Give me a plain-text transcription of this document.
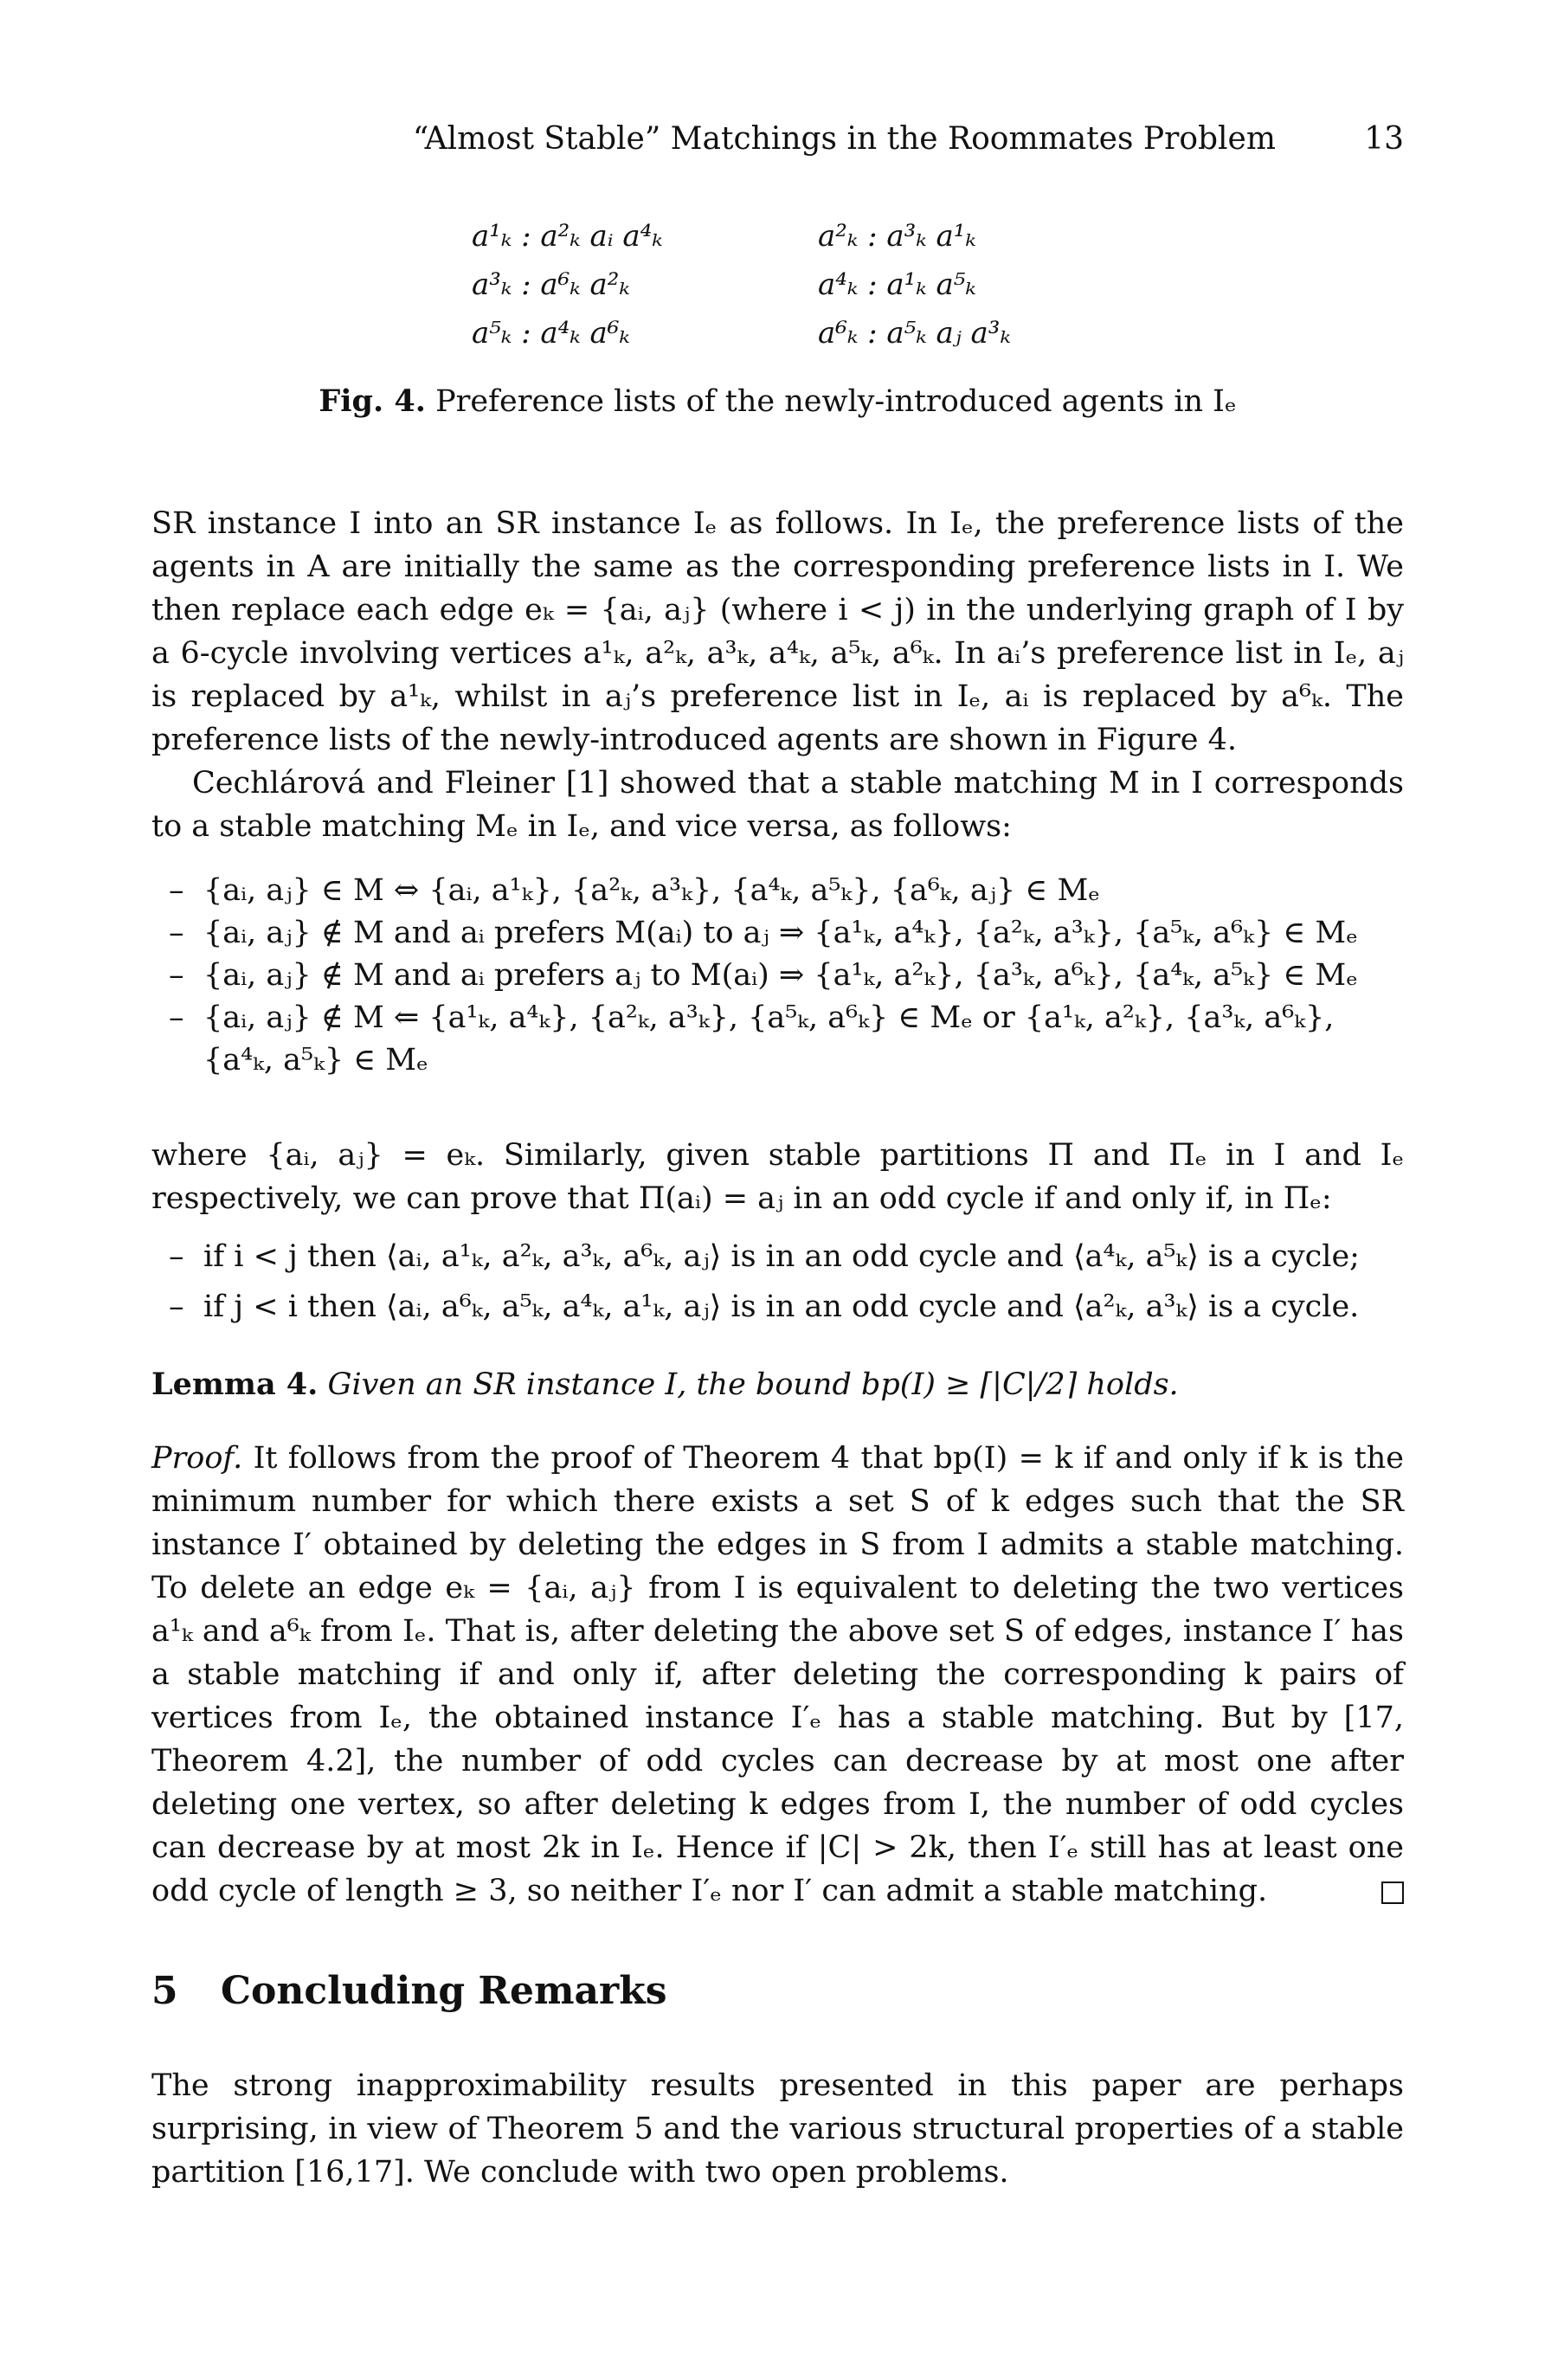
“Almost Stable” Matchings in the Roommates Problem	13
a¹ₖ : a²ₖ aᵢ a⁴ₖ
a³ₖ : a⁶ₖ a²ₖ
a⁵ₖ : a⁴ₖ a⁶ₖ
a²ₖ : a³ₖ a¹ₖ
a⁴ₖ : a¹ₖ a⁵ₖ
a⁶ₖ : a⁵ₖ aⱼ a³ₖ
Fig. 4. Preference lists of the newly-introduced agents in Iₑ
SR instance I into an SR instance Iₑ as follows. In Iₑ, the preference lists of the agents in A are initially the same as the corresponding preference lists in I. We then replace each edge eₖ = {aᵢ, aⱼ} (where i < j) in the underlying graph of I by a 6-cycle involving vertices a¹ₖ, a²ₖ, a³ₖ, a⁴ₖ, a⁵ₖ, a⁶ₖ. In aᵢ’s preference list in Iₑ, aⱼ is replaced by a¹ₖ, whilst in aⱼ’s preference list in Iₑ, aᵢ is replaced by a⁶ₖ. The preference lists of the newly-introduced agents are shown in Figure 4.
Cechlárová and Fleiner [1] showed that a stable matching M in I corresponds to a stable matching Mₑ in Iₑ, and vice versa, as follows:
– {aᵢ, aⱼ} ∈ M ⇔ {aᵢ, a¹ₖ}, {a²ₖ, a³ₖ}, {a⁴ₖ, a⁵ₖ}, {a⁶ₖ, aⱼ} ∈ Mₑ
– {aᵢ, aⱼ} ∉ M and aᵢ prefers M(aᵢ) to aⱼ ⇒ {a¹ₖ, a⁴ₖ}, {a²ₖ, a³ₖ}, {a⁵ₖ, a⁶ₖ} ∈ Mₑ
– {aᵢ, aⱼ} ∉ M and aᵢ prefers aⱼ to M(aᵢ) ⇒ {a¹ₖ, a²ₖ}, {a³ₖ, a⁶ₖ}, {a⁴ₖ, a⁵ₖ} ∈ Mₑ
– {aᵢ, aⱼ} ∉ M ⇐ {a¹ₖ, a⁴ₖ}, {a²ₖ, a³ₖ}, {a⁵ₖ, a⁶ₖ} ∈ Mₑ or {a¹ₖ, a²ₖ}, {a³ₖ, a⁶ₖ}, {a⁴ₖ, a⁵ₖ} ∈ Mₑ
where {aᵢ, aⱼ} = eₖ. Similarly, given stable partitions Π and Πₑ in I and Iₑ respectively, we can prove that Π(aᵢ) = aⱼ in an odd cycle if and only if, in Πₑ:
– if i < j then ⟨aᵢ, a¹ₖ, a²ₖ, a³ₖ, a⁶ₖ, aⱼ⟩ is in an odd cycle and ⟨a⁴ₖ, a⁵ₖ⟩ is a cycle;
– if j < i then ⟨aᵢ, a⁶ₖ, a⁵ₖ, a⁴ₖ, a¹ₖ, aⱼ⟩ is in an odd cycle and ⟨a²ₖ, a³ₖ⟩ is a cycle.
Lemma 4. Given an SR instance I, the bound bp(I) ≥ ⌈|C|/2⌉ holds.
Proof. It follows from the proof of Theorem 4 that bp(I) = k if and only if k is the minimum number for which there exists a set S of k edges such that the SR instance I′ obtained by deleting the edges in S from I admits a stable matching. To delete an edge eₖ = {aᵢ, aⱼ} from I is equivalent to deleting the two vertices a¹ₖ and a⁶ₖ from Iₑ. That is, after deleting the above set S of edges, instance I′ has a stable matching if and only if, after deleting the corresponding k pairs of vertices from Iₑ, the obtained instance I′ₑ has a stable matching. But by [17, Theorem 4.2], the number of odd cycles can decrease by at most one after deleting one vertex, so after deleting k edges from I, the number of odd cycles can decrease by at most 2k in Iₑ. Hence if |C| > 2k, then I′ₑ still has at least one odd cycle of length ≥ 3, so neither I′ₑ nor I′ can admit a stable matching.
5 Concluding Remarks
The strong inapproximability results presented in this paper are perhaps surprising, in view of Theorem 5 and the various structural properties of a stable partition [16,17]. We conclude with two open problems.
